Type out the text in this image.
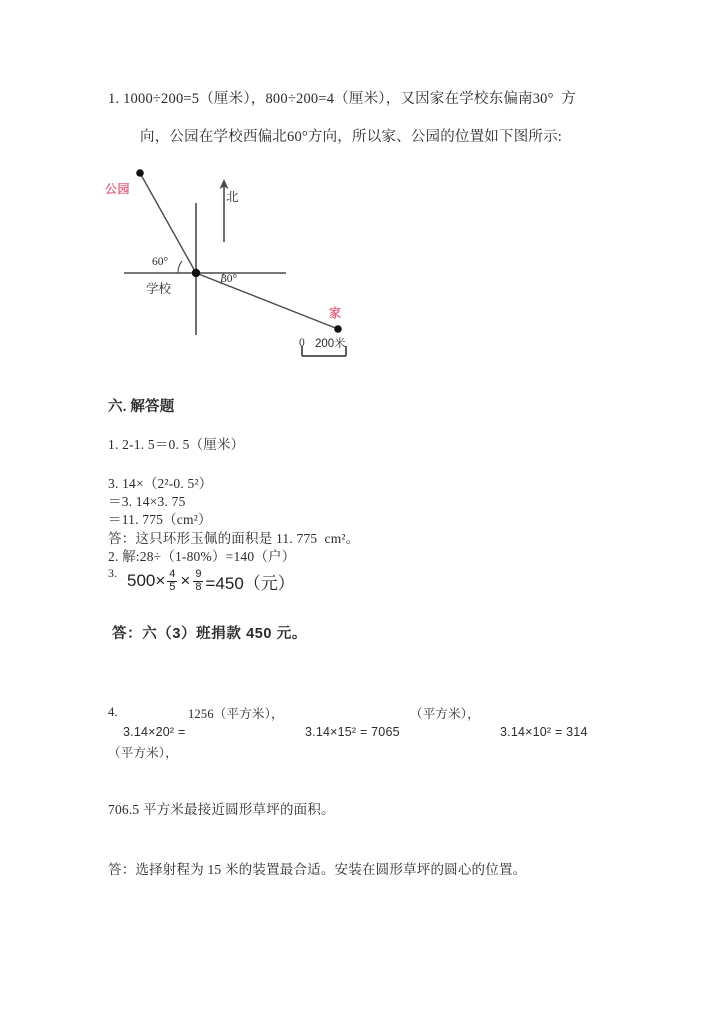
1. 1000÷200=5（厘米），800÷200=4（厘米），又因家在学校东偏南30°  方
向，公园在学校西偏北60°方向，所以家、公园的位置如下图所示:
公园
家
学校
北
60°
30°
0 200米
六. 解答题
1. 2-1. 5＝0. 5（厘米）
3. 14×（2²-0. 5²）
＝3. 14×3. 75
＝11. 775（cm²）
答：这只环形玉佩的面积是 11. 775  cm²。
2. 解:28÷（1-80%）=140（户）
3. $500\times \frac{4}{5} \times \frac{9}{8} =450$（元）
答：六（3）班捐款 450 元。
4.	1256（平方米），	（平方米），
3.14×20² =	3.14×15² = 7065	3.14×10² = 314
（平方米），
706.5 平方米最接近圆形草坪的面积。
答：选择射程为 15 米的装置最合适。安装在圆形草坪的圆心的位置。
